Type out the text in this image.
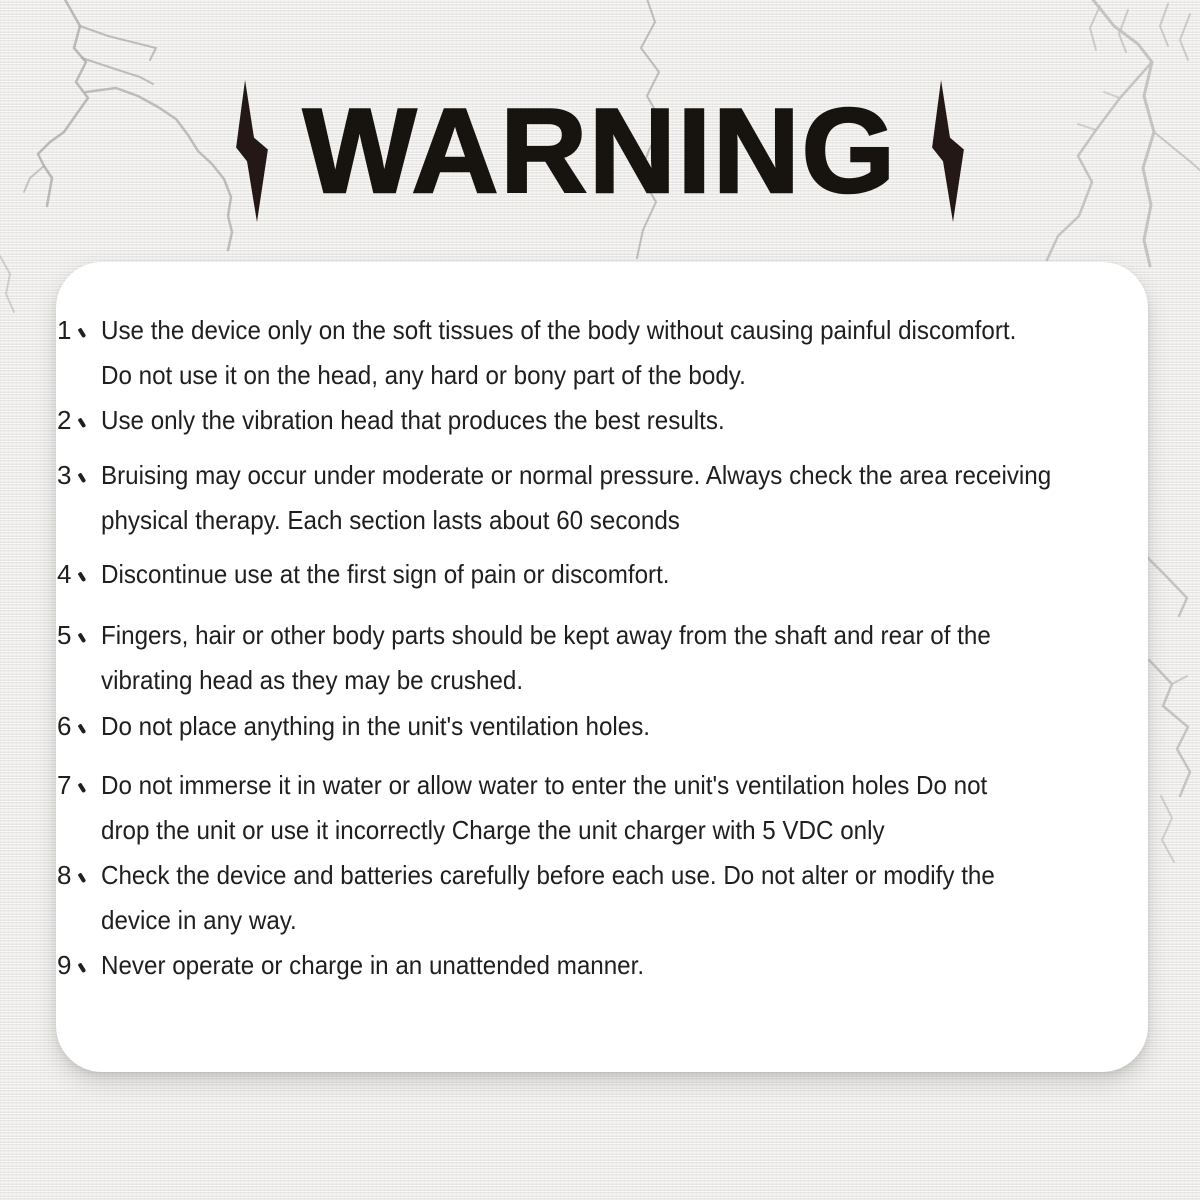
WARNING
1	Use the device only on the soft tissues of the body without causing painful discomfort.
Do not use it on the head, any hard or bony part of the body.
2	Use only the vibration head that produces the best results.
3	Bruising may occur under moderate or normal pressure. Always check the area receiving
physical therapy. Each section lasts about 60 seconds
4	Discontinue use at the first sign of pain or discomfort.
5	Fingers, hair or other body parts should be kept away from the shaft and rear of the
vibrating head as they may be crushed.
6	Do not place anything in the unit's ventilation holes.
7	Do not immerse it in water or allow water to enter the unit's ventilation holes Do not
drop the unit or use it incorrectly Charge the unit charger with 5 VDC only
8	Check the device and batteries carefully before each use. Do not alter or modify the
device in any way.
9	Never operate or charge in an unattended manner.
